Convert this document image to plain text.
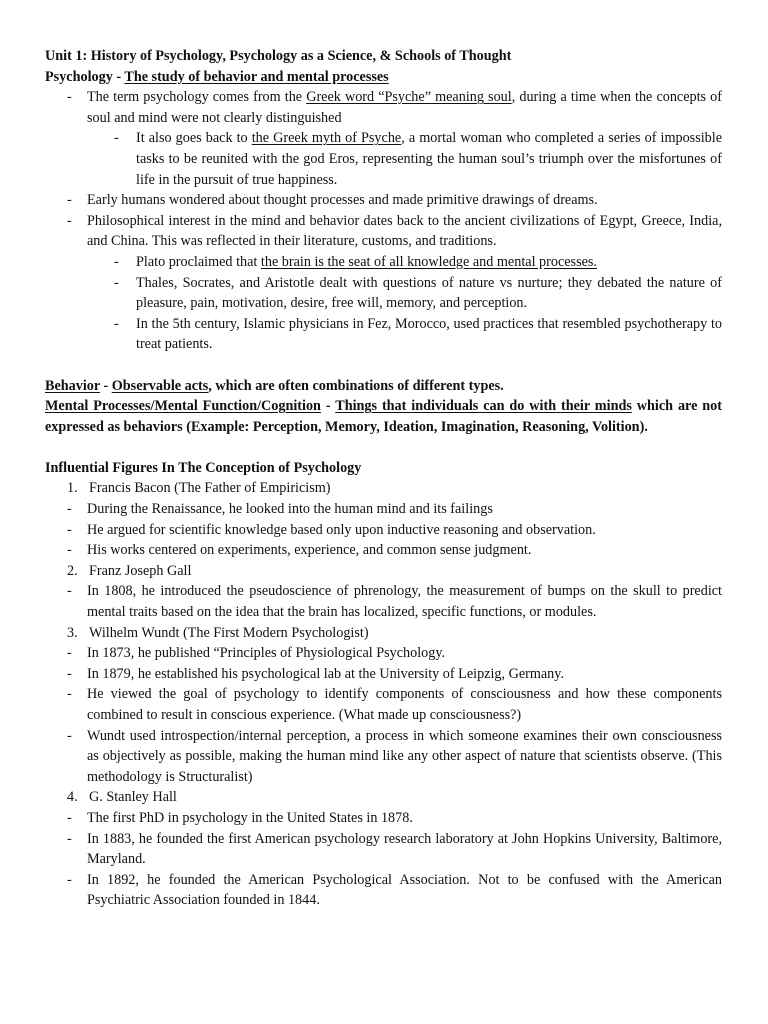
Unit 1: History of Psychology, Psychology as a Science, & Schools of Thought

Psychology - The study of behavior and mental processes

-	The term psychology comes from the Greek word “Psyche” meaning soul, during a time when the concepts of soul and mind were not clearly distinguished
-	It also goes back to the Greek myth of Psyche, a mortal woman who completed a series of impossible tasks to be reunited with the god Eros, representing the human soul’s triumph over the misfortunes of life in the pursuit of true happiness.
-	Early humans wondered about thought processes and made primitive drawings of dreams.
-	Philosophical interest in the mind and behavior dates back to the ancient civilizations of Egypt, Greece, India, and China. This was reflected in their literature, customs, and traditions.
-	Plato proclaimed that the brain is the seat of all knowledge and mental processes.
-	Thales, Socrates, and Aristotle dealt with questions of nature vs nurture; they debated the nature of pleasure, pain, motivation, desire, free will, memory, and perception.
-	In the 5th century, Islamic physicians in Fez, Morocco, used practices that resembled psychotherapy to treat patients.

Behavior - Observable acts, which are often combinations of different types.

Mental Processes/Mental Function/Cognition - Things that individuals can do with their minds which are not expressed as behaviors (Example: Perception, Memory, Ideation, Imagination, Reasoning, Volition).

Influential Figures In The Conception of Psychology

1. Francis Bacon (The Father of Empiricism)
-	During the Renaissance, he looked into the human mind and its failings
-	He argued for scientific knowledge based only upon inductive reasoning and observation.
-	His works centered on experiments, experience, and common sense judgment.
2. Franz Joseph Gall
-	In 1808, he introduced the pseudoscience of phrenology, the measurement of bumps on the skull to predict mental traits based on the idea that the brain has localized, specific functions, or modules.
3. Wilhelm Wundt (The First Modern Psychologist)
-	In 1873, he published “Principles of Physiological Psychology.
-	In 1879, he established his psychological lab at the University of Leipzig, Germany.
-	He viewed the goal of psychology to identify components of consciousness and how these components combined to result in conscious experience. (What made up consciousness?)
-	Wundt used introspection/internal perception, a process in which someone examines their own consciousness as objectively as possible, making the human mind like any other aspect of nature that scientists observe. (This methodology is Structuralist)
4. G. Stanley Hall
-	The first PhD in psychology in the United States in 1878.
-	In 1883, he founded the first American psychology research laboratory at John Hopkins University, Baltimore, Maryland.
-	In 1892, he founded the American Psychological Association. Not to be confused with the American Psychiatric Association founded in 1844.
